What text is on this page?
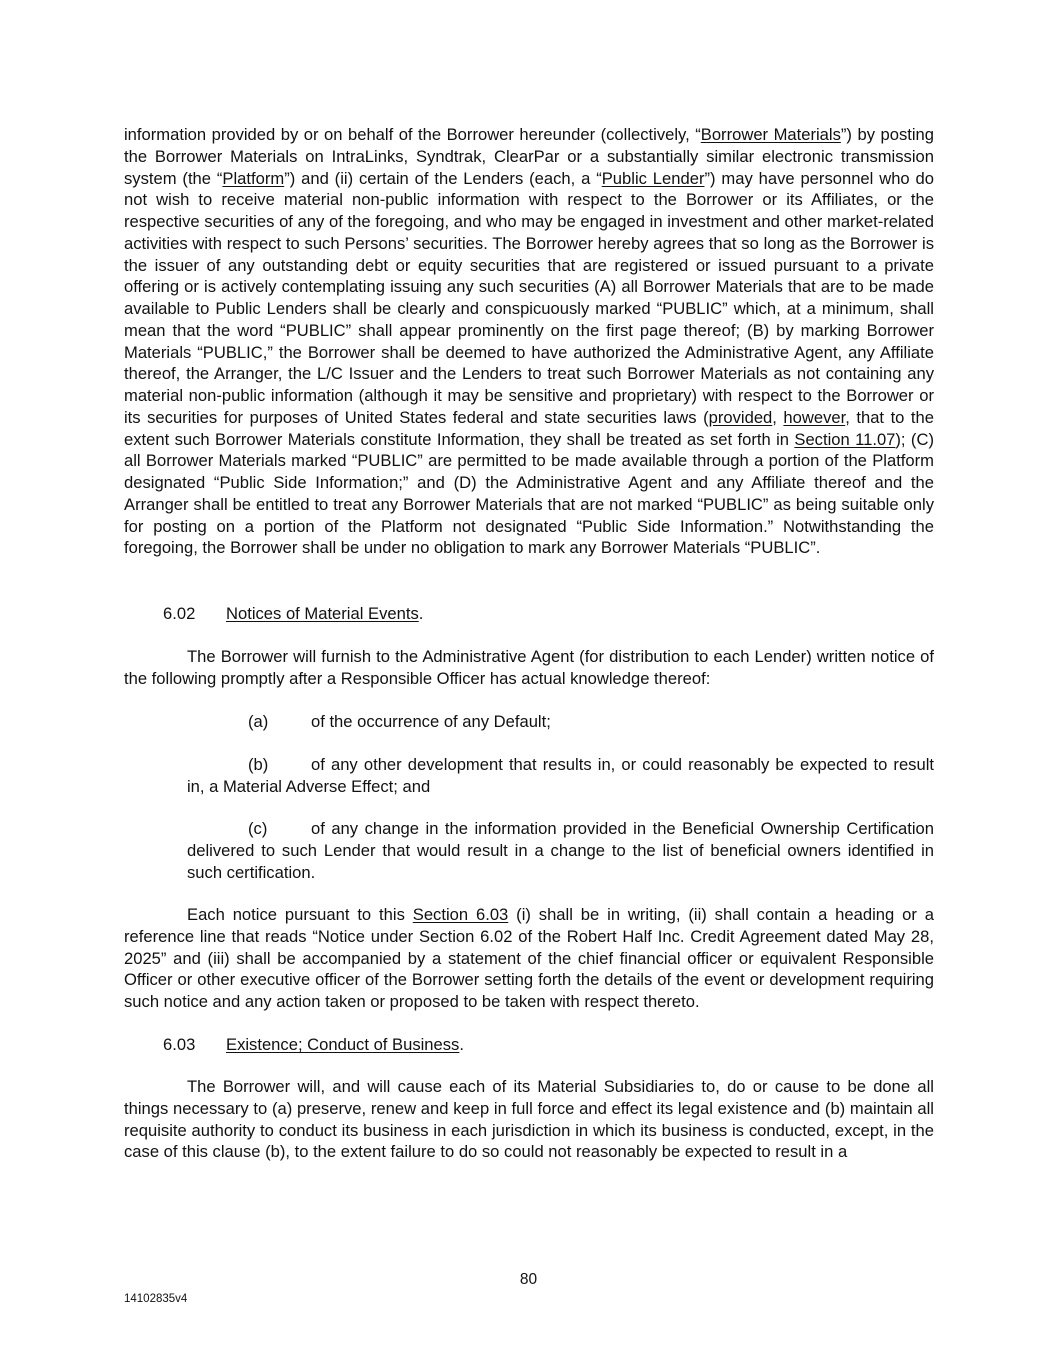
information provided by or on behalf of the Borrower hereunder (collectively, “Borrower Materials”) by posting the Borrower Materials on IntraLinks, Syndtrak, ClearPar or a substantially similar electronic transmission system (the “Platform”) and (ii) certain of the Lenders (each, a “Public Lender”) may have personnel who do not wish to receive material non-public information with respect to the Borrower or its Affiliates, or the respective securities of any of the foregoing, and who may be engaged in investment and other market-related activities with respect to such Persons’ securities. The Borrower hereby agrees that so long as the Borrower is the issuer of any outstanding debt or equity securities that are registered or issued pursuant to a private offering or is actively contemplating issuing any such securities (A) all Borrower Materials that are to be made available to Public Lenders shall be clearly and conspicuously marked “PUBLIC” which, at a minimum, shall mean that the word “PUBLIC” shall appear prominently on the first page thereof; (B) by marking Borrower Materials “PUBLIC,” the Borrower shall be deemed to have authorized the Administrative Agent, any Affiliate thereof, the Arranger, the L/C Issuer and the Lenders to treat such Borrower Materials as not containing any material non-public information (although it may be sensitive and proprietary) with respect to the Borrower or its securities for purposes of United States federal and state securities laws (provided, however, that to the extent such Borrower Materials constitute Information, they shall be treated as set forth in Section 11.07); (C) all Borrower Materials marked “PUBLIC” are permitted to be made available through a portion of the Platform designated “Public Side Information;” and (D) the Administrative Agent and any Affiliate thereof and the Arranger shall be entitled to treat any Borrower Materials that are not marked “PUBLIC” as being suitable only for posting on a portion of the Platform not designated “Public Side Information.” Notwithstanding the foregoing, the Borrower shall be under no obligation to mark any Borrower Materials “PUBLIC”.

6.02 Notices of Material Events.

The Borrower will furnish to the Administrative Agent (for distribution to each Lender) written notice of the following promptly after a Responsible Officer has actual knowledge thereof:

(a)	of the occurrence of any Default;

(b)	of any other development that results in, or could reasonably be expected to result in, a Material Adverse Effect; and

(c)	of any change in the information provided in the Beneficial Ownership Certification delivered to such Lender that would result in a change to the list of beneficial owners identified in such certification.

Each notice pursuant to this Section 6.03 (i) shall be in writing, (ii) shall contain a heading or a reference line that reads “Notice under Section 6.02 of the Robert Half Inc. Credit Agreement dated May 28, 2025” and (iii) shall be accompanied by a statement of the chief financial officer or equivalent Responsible Officer or other executive officer of the Borrower setting forth the details of the event or development requiring such notice and any action taken or proposed to be taken with respect thereto.

6.03 Existence; Conduct of Business.

The Borrower will, and will cause each of its Material Subsidiaries to, do or cause to be done all things necessary to (a) preserve, renew and keep in full force and effect its legal existence and (b) maintain all requisite authority to conduct its business in each jurisdiction in which its business is conducted, except, in the case of this clause (b), to the extent failure to do so could not reasonably be expected to result in a

80
14102835v4
